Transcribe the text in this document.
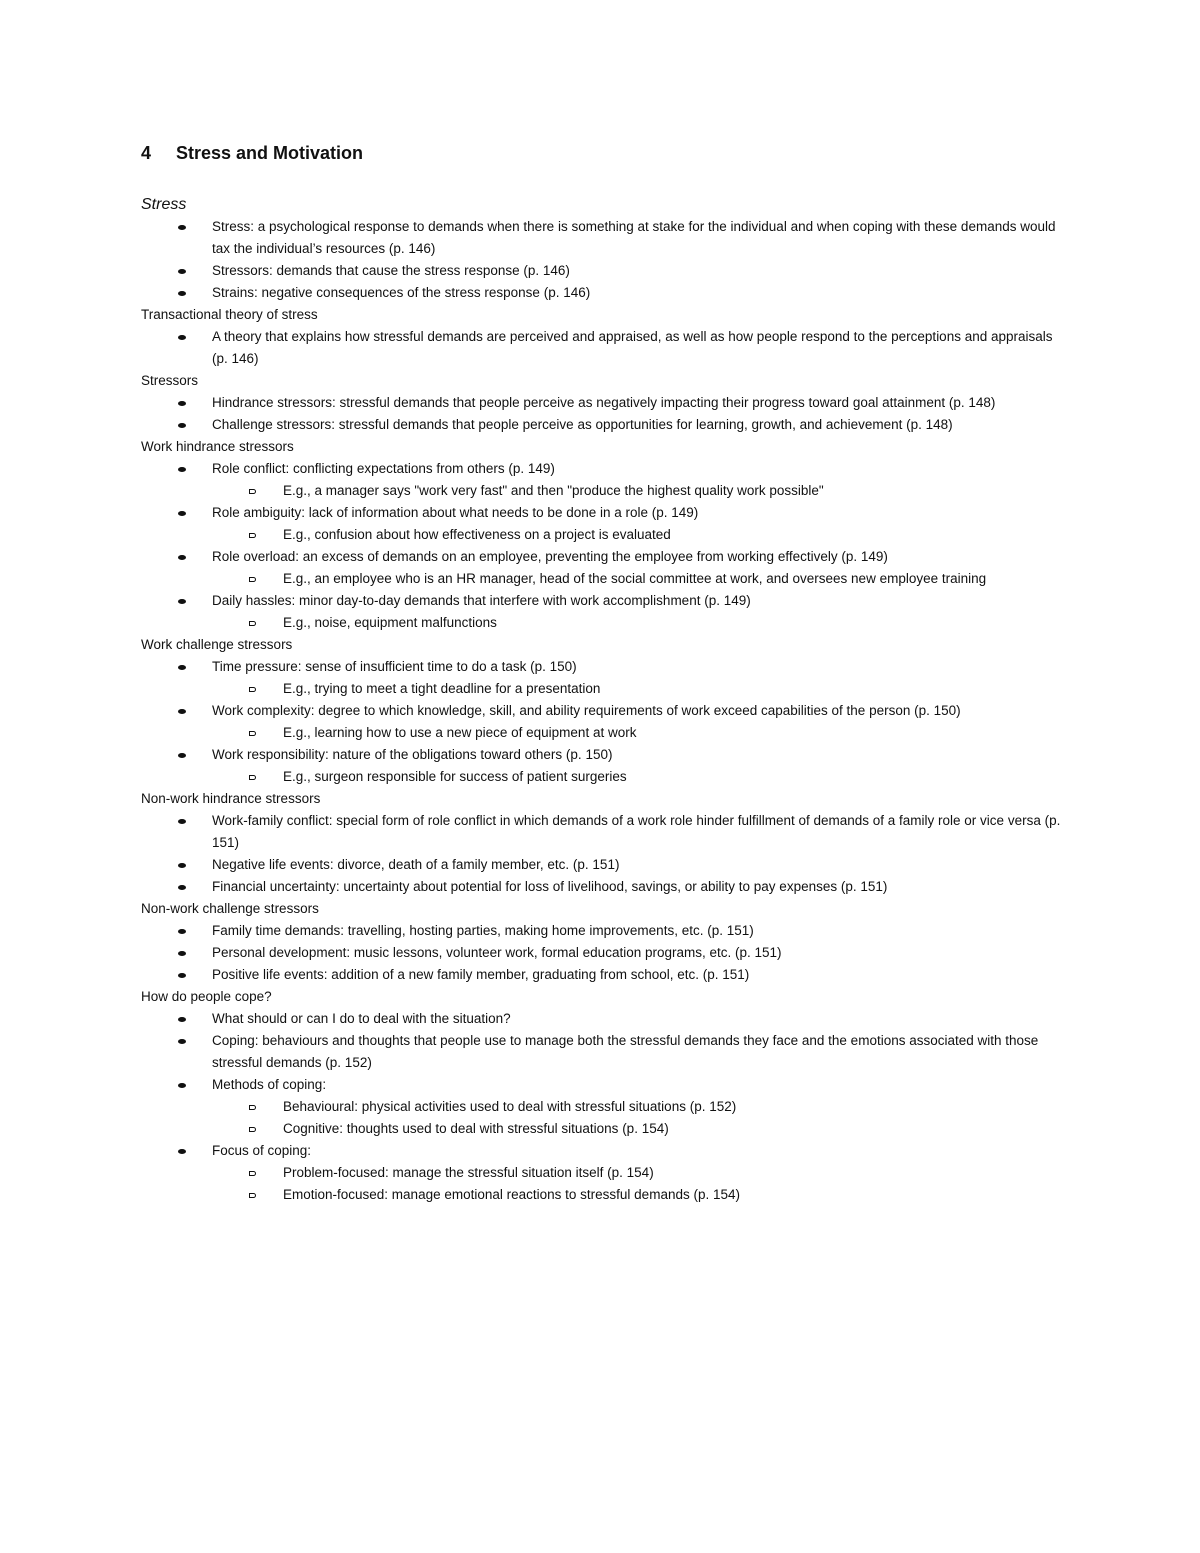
4 Stress and Motivation
Stress
Stress: a psychological response to demands when there is something at stake for the individual and when coping with these demands would tax the individual’s resources (p. 146)
Stressors: demands that cause the stress response (p. 146)
Strains: negative consequences of the stress response (p. 146)
Transactional theory of stress
A theory that explains how stressful demands are perceived and appraised, as well as how people respond to the perceptions and appraisals (p. 146)
Stressors
Hindrance stressors: stressful demands that people perceive as negatively impacting their progress toward goal attainment (p. 148)
Challenge stressors: stressful demands that people perceive as opportunities for learning, growth, and achievement (p. 148)
Work hindrance stressors
Role conflict: conflicting expectations from others (p. 149)
E.g., a manager says "work very fast" and then "produce the highest quality work possible"
Role ambiguity: lack of information about what needs to be done in a role (p. 149)
E.g., confusion about how effectiveness on a project is evaluated
Role overload: an excess of demands on an employee, preventing the employee from working effectively (p. 149)
E.g., an employee who is an HR manager, head of the social committee at work, and oversees new employee training
Daily hassles: minor day-to-day demands that interfere with work accomplishment (p. 149)
E.g., noise, equipment malfunctions
Work challenge stressors
Time pressure: sense of insufficient time to do a task (p. 150)
E.g., trying to meet a tight deadline for a presentation
Work complexity: degree to which knowledge, skill, and ability requirements of work exceed capabilities of the person (p. 150)
E.g., learning how to use a new piece of equipment at work
Work responsibility: nature of the obligations toward others (p. 150)
E.g., surgeon responsible for success of patient surgeries
Non-work hindrance stressors
Work-family conflict: special form of role conflict in which demands of a work role hinder fulfillment of demands of a family role or vice versa (p. 151)
Negative life events: divorce, death of a family member, etc. (p. 151)
Financial uncertainty: uncertainty about potential for loss of livelihood, savings, or ability to pay expenses (p. 151)
Non-work challenge stressors
Family time demands: travelling, hosting parties, making home improvements, etc. (p. 151)
Personal development: music lessons, volunteer work, formal education programs, etc. (p. 151)
Positive life events: addition of a new family member, graduating from school, etc. (p. 151)
How do people cope?
What should or can I do to deal with the situation?
Coping: behaviours and thoughts that people use to manage both the stressful demands they face and the emotions associated with those stressful demands (p. 152)
Methods of coping:
Behavioural: physical activities used to deal with stressful situations (p. 152)
Cognitive: thoughts used to deal with stressful situations (p. 154)
Focus of coping:
Problem-focused: manage the stressful situation itself (p. 154)
Emotion-focused: manage emotional reactions to stressful demands (p. 154)
